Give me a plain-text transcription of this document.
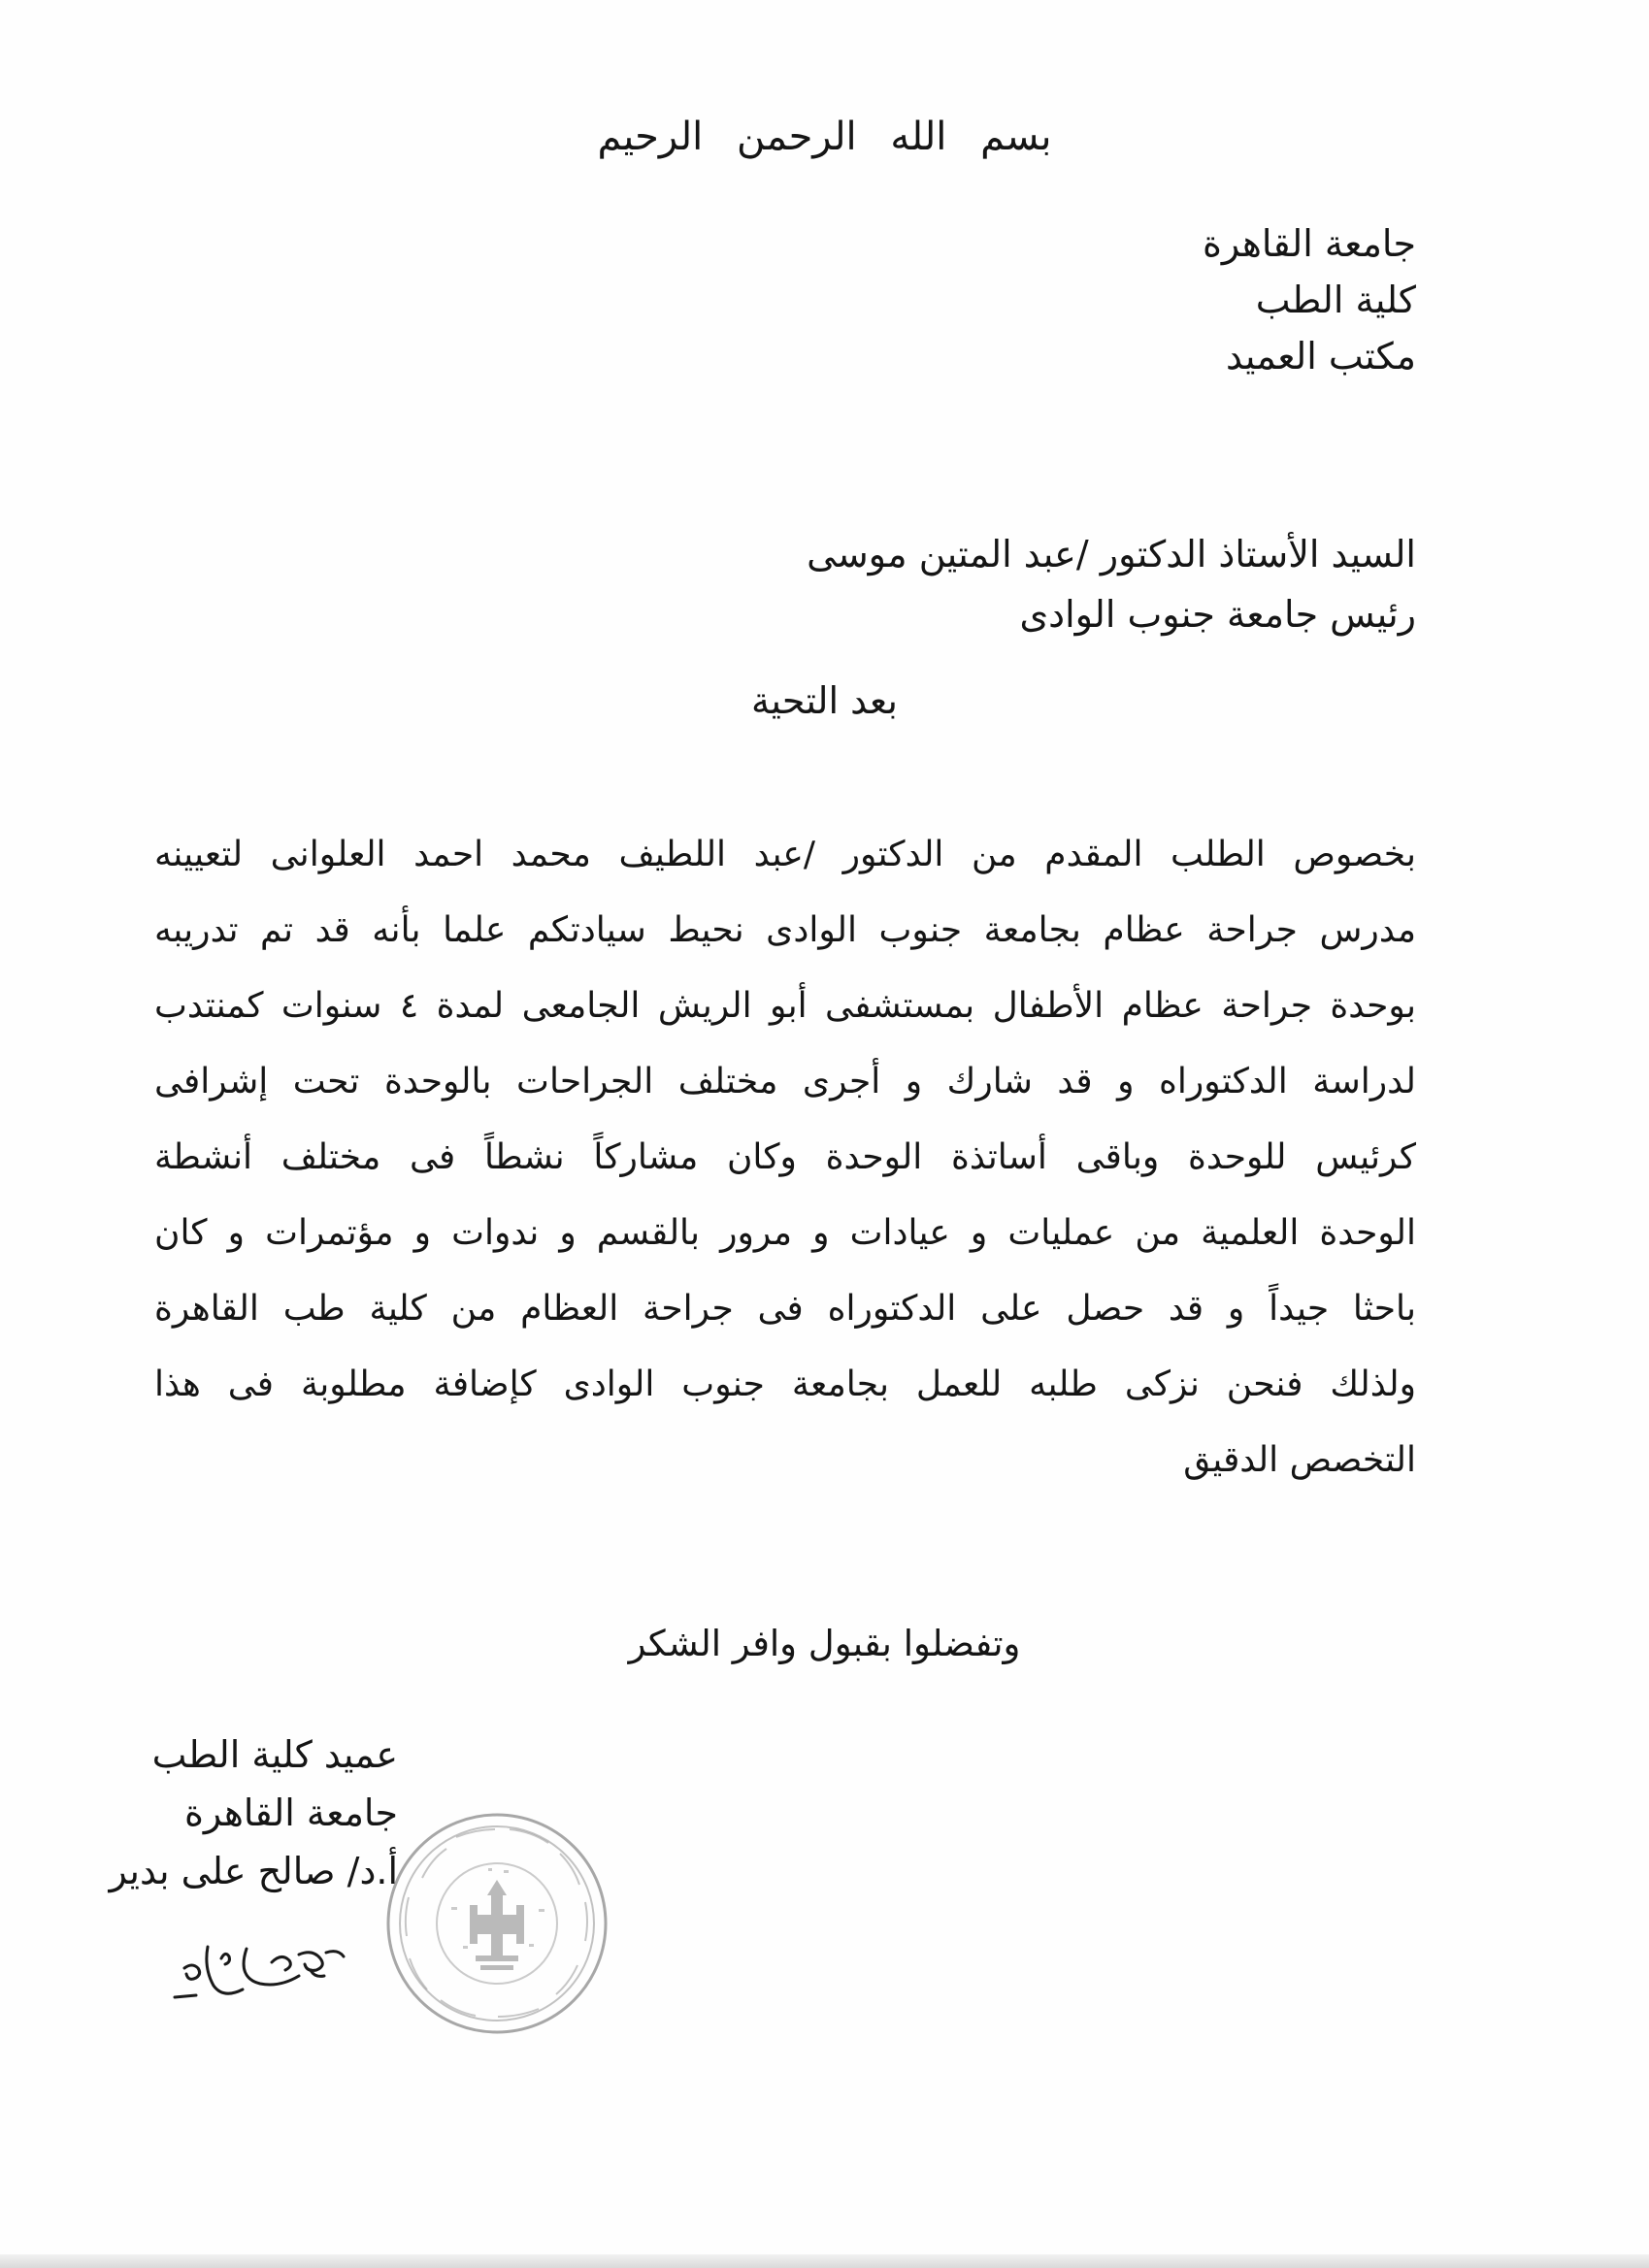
بسم الله الرحمن الرحيم
جامعة القاهرة
كلية الطب
مكتب العميد
السيد الأستاذ الدكتور /عبد المتين موسى
رئيس جامعة جنوب الوادى
بعد التحية
بخصوص الطلب المقدم من الدكتور /عبد اللطيف محمد احمد العلوانى لتعيينه
مدرس جراحة عظام بجامعة جنوب الوادى نحيط سيادتكم علما بأنه قد تم تدريبه
بوحدة جراحة عظام الأطفال بمستشفى أبو الريش الجامعى لمدة ٤ سنوات كمنتدب
لدراسة الدكتوراه و قد شارك و أجرى مختلف الجراحات بالوحدة تحت إشرافى
كرئيس للوحدة وباقى أساتذة الوحدة وكان مشاركاً نشطاً فى مختلف أنشطة
الوحدة العلمية من عمليات و عيادات و مرور بالقسم و ندوات و مؤتمرات و كان
باحثا جيداً و قد حصل على الدكتوراه فى جراحة العظام من كلية طب القاهرة
ولذلك فنحن نزكى طلبه للعمل بجامعة جنوب الوادى كإضافة مطلوبة فى هذا
التخصص الدقيق
وتفضلوا بقبول وافر الشكر
عميد كلية الطب
جامعة القاهرة
أ.د/ صالح على بدير
